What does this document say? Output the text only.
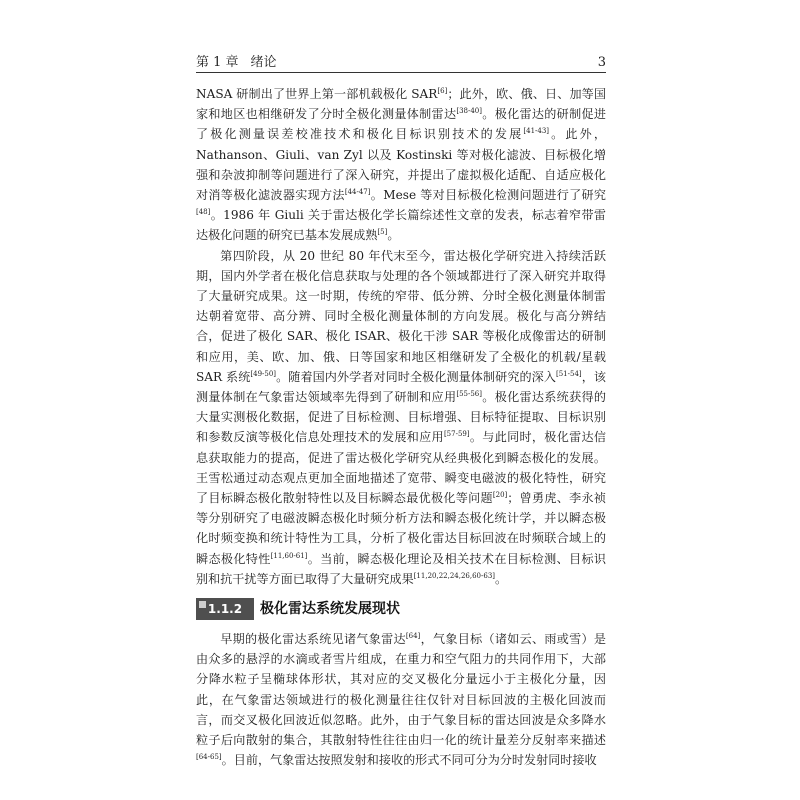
第 1 章 绪论	3

NASA 研制出了世界上第一部机载极化 SAR[6]；此外，欧、俄、日、加等国家和地区也相继研发了分时全极化测量体制雷达[38-40]。极化雷达的研制促进了极化测量误差校准技术和极化目标识别技术的发展[41-43]。此外，Nathanson、Giuli、van Zyl 以及 Kostinski 等对极化滤波、目标极化增强和杂波抑制等问题进行了深入研究，并提出了虚拟极化适配、自适应极化对消等极化滤波器实现方法[44-47]。Mese 等对目标极化检测问题进行了研究[48]。1986 年 Giuli 关于雷达极化学长篇综述性文章的发表，标志着窄带雷达极化问题的研究已基本发展成熟[5]。

第四阶段，从 20 世纪 80 年代末至今，雷达极化学研究进入持续活跃期，国内外学者在极化信息获取与处理的各个领域都进行了深入研究并取得了大量研究成果。这一时期，传统的窄带、低分辨、分时全极化测量体制雷达朝着宽带、高分辨、同时全极化测量体制的方向发展。极化与高分辨结合，促进了极化 SAR、极化 ISAR、极化干涉 SAR 等极化成像雷达的研制和应用，美、欧、加、俄、日等国家和地区相继研发了全极化的机载/星载 SAR 系统[49-50]。随着国内外学者对同时全极化测量体制研究的深入[51-54]，该测量体制在气象雷达领域率先得到了研制和应用[55-56]。极化雷达系统获得的大量实测极化数据，促进了目标检测、目标增强、目标特征提取、目标识别和参数反演等极化信息处理技术的发展和应用[57-59]。与此同时，极化雷达信息获取能力的提高，促进了雷达极化学研究从经典极化到瞬态极化的发展。王雪松通过动态观点更加全面地描述了宽带、瞬变电磁波的极化特性，研究了目标瞬态极化散射特性以及目标瞬态最优极化等问题[20]；曾勇虎、李永祯等分别研究了电磁波瞬态极化时频分析方法和瞬态极化统计学，并以瞬态极化时频变换和统计特性为工具，分析了极化雷达目标回波在时频联合域上的瞬态极化特性[11,60-61]。当前，瞬态极化理论及相关技术在目标检测、目标识别和抗干扰等方面已取得了大量研究成果[11,20,22,24,26,60-63]。

1.1.2	极化雷达系统发展现状

早期的极化雷达系统见诸气象雷达[64]，气象目标（诸如云、雨或雪）是由众多的悬浮的水滴或者雪片组成，在重力和空气阻力的共同作用下，大部分降水粒子呈椭球体形状，其对应的交叉极化分量远小于主极化分量，因此，在气象雷达领域进行的极化测量往往仅针对目标回波的主极化回波而言，而交叉极化回波近似忽略。此外，由于气象目标的雷达回波是众多降水粒子后向散射的集合，其散射特性往往由归一化的统计量差分反射率来描述[64-65]。目前，气象雷达按照发射和接收的形式不同可分为分时发射同时接收
